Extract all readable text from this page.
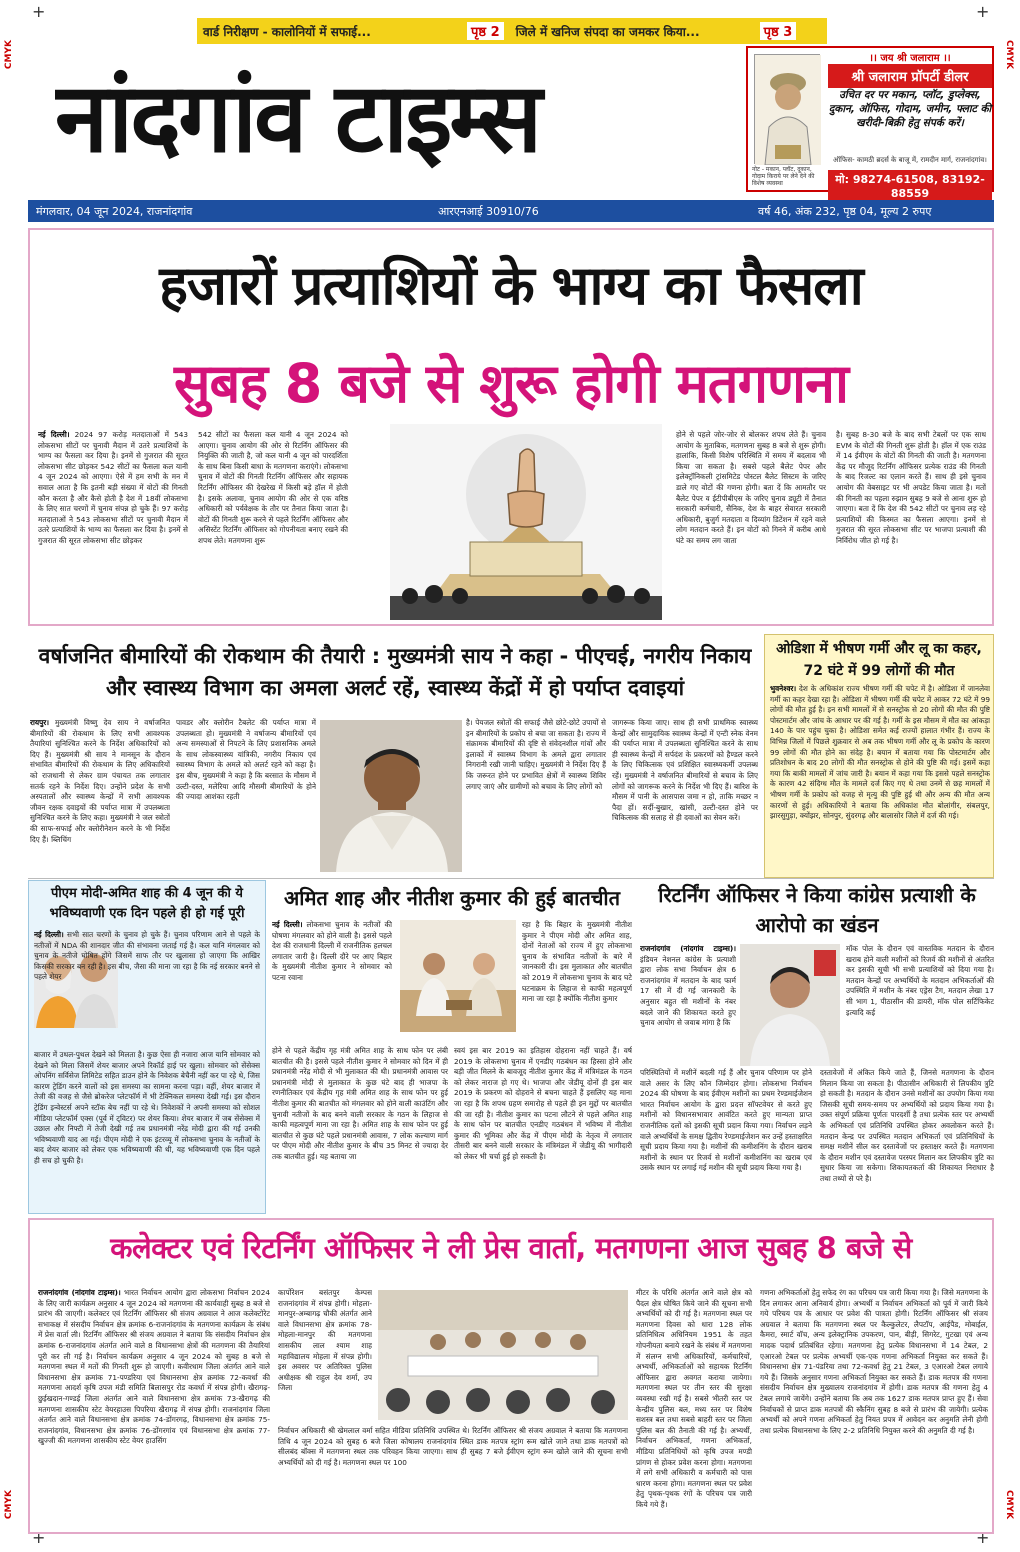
+	+
+	+
CMYK	CMYK
CMYK	CMYK
वार्ड निरीक्षण - कालोनियों में सफाई...	पृष्ठ 2	जिले में खनिज संपदा का जमकर किया...	पृष्ठ 3
नांदगांव टाइम्स	नोट - मकान, प्लॉट, दुकान, गोदाम किराये पर लेने देने की विशेष व्यवस्था
।। जय श्री जलाराम ।।
श्री जलाराम प्रॉपर्टी डीलर
उचित दर पर मकान, प्लॉट, डुप्लेक्स, दुकान, ऑफिस, गोदाम, जमीन, फ्लाट की खरीदी-बिक्री हेतु संपर्क करें।
ऑफिस- कामठी ब्रदर्स के बाजू में, रामदीन मार्ग, राजनांदगांव।
मो: 98274-61508, 83192-88559
मंगलवार, 04 जून 2024, राजनांदगांव	आरएनआई 30910/76	वर्ष 46, अंक 232, पृष्ठ 04, मूल्य 2 रुपए
हजारों प्रत्याशियों के भाग्य का फैसला
सुबह 8 बजे से शुरू होगी मतगणना
नई दिल्ली। 2024 97 करोड़ मतदाताओं में 543 लोकसभा सीटों पर चुनावी मैदान में उतरे प्रत्याशियों के भाग्य का फैसला कर दिया है। इनमें से गुजरात की सूरत लोकसभा सीट छोड़कर 542 सीटों का फैसला कल यानी 4 जून 2024 को आएगा। ऐसे में हम सभी के मन में सवाल आता है कि इतनी बड़ी संख्या में वोटों की गिनती कौन करता है और कैसे होती है देश में 18वीं लोकसभा के लिए सात चरणों में चुनाव संपन्न हो चुके हैं। 97 करोड़ मतदाताओं ने 543 लोकसभा सीटों पर चुनावी मैदान में उतरे प्रत्याशियों के भाग्य का फैसला कर दिया है। इनमें से गुजरात की सूरत लोकसभा सीट छोड़कर
542 सीटों का फैसला कल यानी 4 जून 2024 को आएगा। चुनाव आयोग की ओर से रिटर्निंग ऑफिसर की नियुक्ति की जाती है, जो कल यानी 4 जून को पारदर्शिता के साथ बिना किसी बाधा के मतगणना कराएंगे। लोकसभा चुनाव में वोटों की गिनती रिटर्निंग ऑफिसर और सहायक रिटर्निंग ऑफिसर की देखरेख में किसी बड़े हॉल में होती है। इसके अलावा, चुनाव आयोग की ओर से एक वरिष्ठ अधिकारी को पर्यवेक्षक के तौर पर तैनात किया जाता है। वोटों की गिनती शुरू करने से पहले रिटर्निंग ऑफिसर और असिस्टेंट रिटर्निंग ऑफिसर को गोपनीयता बनाए रखने की शपथ लेते। मतगणना शुरू
होने से पहले जोर-जोर से बोलकर शपथ लेते हैं। चुनाव आयोग के मुताबिक, मतगणना सुबह 8 बजे से शुरू होगी। हालांकि, किसी विशेष परिस्थिति में समय में बदलाव भी किया जा सकता है। सबसे पहले बैलेट पेपर और इलेक्ट्रॉनिकली ट्रांसमिटेड पोस्टल बैलेट सिस्टम के जरिए डाले गए वोटों की गणना होगी। बता दें कि आमतौर पर बैलेट पेपर व ईटीपीबीएस के जरिए चुनाव ड्यूटी में तैनात सरकारी कर्मचारी, सैनिक, देश के बाहर सेवारत सरकारी अधिकारी, बुजुर्ग मतदाता व दिव्यांग डिटेंशन में रहने वाले लोग मतदान करते हैं। इन वोटों को गिनने में करीब आधे घंटे का समय लग जाता
है। सुबह 8-30 बजे के बाद सभी टेबलों पर एक साथ EVM के वोटों की गिनती शुरू होती है। हॉल में एक राउंड में 14 ईवीएम के वोटों की गिनती की जाती है। मतगणना केंद्र पर मौजूद रिटर्निंग ऑफिसर प्रत्येक राउंड की गिनती के बाद रिजल्ट का एलान करते हैं। साथ ही इसे चुनाव आयोग की वेबसाइट पर भी अपडेट किया जाता है। मतों की गिनती का पहला रुझान सुबह 9 बजे से आना शुरू हो जाएगा। बता दें कि देश की 542 सीटों पर चुनाव लड़ रहे प्रत्याशियों की किस्मत का फैसला आएगा। इनमें से गुजरात की सूरत लोकसभा सीट पर भाजपा प्रत्याशी की निर्विरोध जीत हो गई है।
वर्षाजनित बीमारियों की रोकथाम की तैयारी : मुख्यमंत्री साय ने कहा - पीएचई, नगरीय निकाय और स्वास्थ्य विभाग का अमला अलर्ट रहें, स्वास्थ्य केंद्रों में हो पर्याप्त दवाइयां
रायपुर। मुख्यमंत्री विष्णु देव साय ने वर्षाजनित बीमारियों की रोकथाम के लिए सभी आवश्यक तैयारियां सुनिश्चित करने के निर्देश अधिकारियों को दिए हैं। मुख्यमंत्री श्री साय ने मानसून के दौरान संभावित बीमारियों की रोकथाम के लिए अधिकारियों को राजधानी से लेकर ग्राम पंचायत तक लगातार सतर्क रहने के निर्देश दिए। उन्होंने प्रदेश के सभी अस्पतालों और स्वास्थ्य केन्द्रों में सभी आवश्यक जीवन रक्षक दवाइयों की पर्याप्त मात्रा में उपलब्धता सुनिश्चित करने के लिए कहा। मुख्यमंत्री ने जल स्त्रोतों की साफ-सफाई और क्लोरीनेशन करने के भी निर्देश दिए हैं। ब्लिचिंग
पावडर और क्लोरीन टैबलेट की पर्याप्त मात्रा में उपलब्धता हो। मुख्यमंत्री ने वर्षाजन्य बीमारियों एवं अन्य समस्याओं से निपटने के लिए प्रशासनिक अमले के साथ लोकस्वास्थ्य यांत्रिकी, नगरीय निकाय एवं स्वास्थ्य विभाग के अमले को अलर्ट रहने को कहा है। इस बीच, मुख्यमंत्री ने कहा है कि बरसात के मौसम में उल्टी-दस्त, मलेरिया आदि मौसमी बीमारियों के होने की ज्यादा आशंका रहती
है। पेयजल स्त्रोतों की सफाई जैसे छोटे-छोटे उपायों से इन बीमारियों के प्रकोप से बचा जा सकता है। राज्य में संक्रामक बीमारियों की दृष्टि से संवेदनशील गांवों और इलाकों में स्वास्थ्य विभाग के अमले द्वारा लगातार निगरानी रखी जानी चाहिए। मुख्यमंत्री ने निर्देश दिए हैं कि जरूरत होने पर प्रभावित क्षेत्रों में स्वास्थ्य शिविर लगाए जाएं और ग्रामीणों को बचाव के लिए लोगों को
जागरूक किया जाए। साथ ही सभी प्राथमिक स्वास्थ्य केन्द्रों और सामुदायिक स्वास्थ्य केन्द्रों में एन्टी स्नेक वेनम की पर्याप्त मात्रा में उपलब्धता सुनिश्चित करने के साथ ही स्वास्थ्य केन्द्रों में सर्पदंश के प्रकरणों को हैण्डल करने के लिए चिकित्सक एवं प्रशिक्षित स्वास्थ्यकर्मी उपलब्ध रहें। मुख्यमंत्री ने वर्षाजनित बीमारियों से बचाव के लिए लोगों को जागरूक करने के निर्देश भी दिए हैं। बारिश के मौसम में पानी के आसपास जमा न हो, ताकि मच्छर न पैदा हों। सर्दी-बुखार, खांसी, उल्टी-दस्त होने पर चिकित्सक की सलाह से ही दवाओं का सेवन करें।
ओडिशा में भीषण गर्मी और लू का कहर, 72 घंटे में 99 लोगों की मौत
भुवनेश्वर। देश के अधिकांश राज्य भीषण गर्मी की चपेट में है। ओडिशा में जानलेवा गर्मी का कहर देखा रहा है। ओडिशा में भीषण गर्मी की चपेट में आकर 72 घंटे में 99 लोगों की मौत हुई है। इन सभी मामलों में से सनस्ट्रोक से 20 लोगों की मौत की पुष्टि पोस्टमार्टम और जांच के आधार पर की गई है। गर्मी के इस मौसम में मौत का आंकड़ा 140 के पार पहुंच चुका है। ओडिशा समेत कई राज्यों हालात गंभीर हैं। राज्य के विभिन्न जिलों में पिछले शुक्रवार से अब तक भीषण गर्मी और लू के प्रकोप के कारण 99 लोगों की मौत होने का संदेह है। बयान में बताया गया कि पोस्टमार्टम और प्रतिशोधन के बाद 20 लोगों की मौत सनस्ट्रोक से होने की पुष्टि की गई। इसमें कहा गया कि बाकी मामलों में जांच जारी है। बयान में कहा गया कि इससे पहले सनस्ट्रोक के कारण 42 संदिग्ध मौत के मामले दर्ज किए गए थे तथा उनमें से छह मामलों में भीषण गर्मी के प्रकोप को वजह से मृत्यु की पुष्टि हुई थी और अन्य की मौत अन्य कारणों से हुई। अधिकारियों ने बताया कि अधिकांश मौत बोलांगीर, संबलपुर, झारसुगुड़ा, क्योंझर, सोनपुर, सुंदरगढ़ और बालासोर जिले में दर्ज की गई।
पीएम मोदी-अमित शाह की 4 जून की ये भविष्यवाणी एक दिन पहले ही हो गई पूरी
नई दिल्ली। सभी सात चरणों के चुनाव हो चुके हैं। चुनाव परिणाम आने से पहले के नतीजों में NDA की शानदार जीत की संभावना जताई गई है। कल यानि मंगलवार को चुनाव के नतीजे घोषित होंगे जिसमें साफ तौर पर खुलासा हो जाएगा कि आखिर किसकी सरकार बन रही है। इस बीच, जैसा की माना जा रहा है कि नई सरकार बनने से पहले शेयर
बाजार में उथल-पुथल देखने को मिलता है। कुछ ऐसा ही नजारा आज यानि सोमवार को देखने को मिला जिसमें शेयर बाजार अपने रिकॉर्ड हाई पर खुला। सोमवार को सेंसेक्स ओपनिंग सर्विसेज लिमिटेड सहित डाउन होने के निवेशक बेचैनी नहीं कर पा रहे थे, जिस कारण ट्रेडिंग करने वालों को इस समस्या का सामना करना पड़ा। वहीं, शेयर बाजार में तेजी की वजह से जैसे ब्रोकरेज प्लेटफॉर्म में भी टेक्निकल समस्या देखी गई। इस दौरान ट्रेडिंग इन्वेस्टर्स अपने स्टॉक बेच नहीं पा रहे थे। निवेशकों ने अपनी समस्या को सोशल मीडिया प्लेटफॉर्म एक्स (पूर्व में ट्विटर) पर शेयर किया। शेयर बाजार में जब सेंसेक्स में उछाल और निफ्टी में तेजी देखी गई तब प्रधानमंत्री नरेंद्र मोदी द्वारा की गई उनकी भविष्यवाणी याद आ गई। पीएम मोदी ने एक इंटरव्यू में लोकसभा चुनाव के नतीजों के बाद शेयर बाजार को लेकर एक भविष्यवाणी की थी, यह भविष्यवाणी एक दिन पहले ही सच हो चुकी है।
अमित शाह और नीतीश कुमार की हुई बातचीत
नई दिल्ली। लोकसभा चुनाव के नतीजों की घोषणा मंगलवार को होने वाली है। इससे पहले देश की राजधानी दिल्ली में राजनीतिक हलचल लगातार जारी है। दिल्ली दौरे पर आए बिहार के मुख्यमंत्री नीतीश कुमार ने सोमवार को पटना रवाना
रहा है कि बिहार के मुख्यमंत्री नीतीश कुमार ने पीएम मोदी और अमित शाह, दोनों नेताओं को राज्य में हुए लोकसभा चुनाव के संभावित नतीजों के बारे में जानकारी दी। इस मुलाकात और बातचीत को 2019 में लोकसभा चुनाव के बाद घटे घटनाक्रम के लिहाज से काफी महत्वपूर्ण माना जा रहा है क्योंकि नीतीश कुमार
होने से पहले केंद्रीय गृह मंत्री अमित शाह के साथ फोन पर लंबी बातचीत की है। इससे पहले नीतीश कुमार ने सोमवार को दिन में ही प्रधानमंत्री नरेंद्र मोदी से भी मुलाकात की थी। प्रधानमंत्री आवास पर प्रधानमंत्री मोदी से मुलाकात के कुछ घंटे बाद ही भाजपा के रणनीतिकार एवं केंद्रीय गृह मंत्री अमित शाह के साथ फोन पर हुई नीतीश कुमार की बातचीत को मंगलवार को होने वाली काउंटिंग और चुनावी नतीजों के बाद बनने वाली सरकार के गठन के लिहाज से काफी महत्वपूर्ण माना जा रहा है। अमित शाह के साथ फोन पर हुई बातचीत से कुछ घंटे पहले प्रधानमंत्री आवास, 7 लोक कल्याण मार्ग पर पीएम मोदी और नीतीश कुमार के बीच 35 मिनट से ज्यादा देर तक बातचीत हुई। यह बताया जा
स्वयं इस बार 2019 का इतिहास दोहराना नहीं चाहते हैं। वर्ष 2019 के लोकसभा चुनाव में एनडीए गठबंधन का हिस्सा होने और बड़ी जीत मिलने के बावजूद नीतीश कुमार केंद्र में मंत्रिमंडल के गठन को लेकर नाराज हो गए थे। भाजपा और जेडीयू दोनों ही इस बार 2019 के प्रकरण को दोहराने से बचना चाहते हैं इसलिए यह माना जा रहा है कि शपथ ग्रहण समारोह से पहले ही इन मुद्दों पर बातचीत की जा रही है। नीतीश कुमार का पटना लौटने से पहले अमित शाह के साथ फोन पर बातचीत एनडीए गठबंधन में भविष्य में नीतीश कुमार की भूमिका और केंद्र में पीएम मोदी के नेतृत्व में लगातार तीसरी बार बनने वाली सरकार के मंत्रिमंडल में जेडीयू की भागीदारी को लेकर भी चर्चा हुई हो सकती है।
रिटर्निंग ऑफिसर ने किया कांग्रेस प्रत्याशी के आरोपो का खंडन
राजनांदगांव (नांदगांव टाइम्स)। इंडियन नेशनल कांग्रेस के प्रत्याशी द्वारा लोक सभा निर्वाचन क्षेत्र 6 राजनांदगांव में मतदान के बाद फार्म 17 सी में दी गई जानकारी के अनुसार बहुत सी मशीनों के नंबर बदले जाने की शिकायत करते हुए चुनाव आयोग से जवाब मांगा है कि
मॉक पोल के दौरान एवं वास्तविक मतदान के दौरान खराब होने वाली मशीनों को रिजर्व की मशीनों से अंतरित कर इसकी सूची भी सभी प्रत्याशियों को दिया गया है। मतदान केन्द्रों पर अभ्यर्थियों के मतदान अभिकर्ताओं की उपस्थिति में मशीन के नंबर एड्रेस टैग, मतदान लेखा 17 सी भाग 1, पीठासीन की डायरी, मॉक पोल सर्टिफिकेट इत्यादि कई
परिस्थितियों में मशीनें बदली गई हैं और चुनाव परिणाम पर होने वाले असर के लिए कौन जिम्मेदार होगा। लोकसभा निर्वाचन 2024 की घोषणा के बाद ईवीएम मशीनों का प्रथम रेण्डमाईजेशन भारत निर्वाचन आयोग के द्वारा प्रदत्त सॉफ्टवेयर से करते हुए मशीनों को विधानसभावार आवंटित करते हुए मान्यता प्राप्त राजनीतिक दलों को इसकी सूची प्रदान किया गया। निर्वाचन लड़ने वाले अभ्यर्थियों के समक्ष द्वितीय रेण्डमाईजेशन कर उन्हें हस्ताक्षरित सूची प्रदाय किया गया है। मशीनों की कमीशनिंग के दौरान खराब मशीनों के स्थान पर रिजर्व से मशीनों कमीशनिंग का खराब एवं उसके स्थान पर लगाई गई मशीन की सूची प्रदाय किया गया है।
दस्तावेजों में अंकित किये जाते हैं, जिनसे मतगणना के दौरान मिलान किया जा सकता है। पीठासीन अधिकारी से लिपकीय त्रुटि हो सकती है। मतदान के दौरान उनसे मशीनों का उपयोग किया गया जिसकी सूची समय-समय पर अभ्यर्थियों को प्रदाय किया गया है। उक्त संपूर्ण प्रक्रिया पूर्णतः पारदर्शी है तथा प्रत्येक स्तर पर अभ्यर्थी के अभिकर्ता एवं प्रतिनिधि उपस्थित होकर अवलोकन करते हैं। मतदान केन्द्र पर उपस्थित मतदान अभिकर्ता एवं प्रतिनिधियों के समक्ष मशीनें सील कर दस्तावेजों पर हस्ताक्षर करते हैं। मतगणना के दौरान मशीन एवं दस्तावेज परस्पर मिलान कर लिपकीय त्रुटि का सुधार किया जा सकेगा। शिकायतकर्ता की शिकायत निराधार है तथा तथ्यों से परे है।
कलेक्टर एवं रिटर्निंग ऑफिसर ने ली प्रेस वार्ता, मतगणना आज सुबह 8 बजे से
राजनांदगांव (नांदगांव टाइम्स)। भारत निर्वाचन आयोग द्वारा लोकसभा निर्वाचन 2024 के लिए जारी कार्यक्रम अनुसार 4 जून 2024 को मतगणना की कार्यवाही सुबह 8 बजे से प्रारंभ की जाएगी। कलेक्टर एवं रिटर्निंग ऑफिसर श्री संजय अग्रवाल ने आज कलेक्टोरेट सभाकक्ष में संसदीय निर्वाचन क्षेत्र क्रमांक 6-राजनांदगांव के मतगणना कार्यक्रम के संबंध में प्रेस वार्ता ली। रिटर्निंग ऑफिसर श्री संजय अग्रवाल ने बताया कि संसदीय निर्वाचन क्षेत्र क्रमांक 6-राजनांदगांव अंतर्गत आने वाले 8 विधानसभा क्षेत्रों की मतगणना की तैयारियां पूरी कर ली गई है। निर्वाचन कार्यक्रम अनुसार 4 जून 2024 को सुबह 8 बजे से मतगणना स्थल में मतों की गिनती शुरू हो जाएगी। कवीरधाम जिला अंतर्गत आने वाले विधानसभा क्षेत्र क्रमांक 71-पण्डरिया एवं विधानसभा क्षेत्र क्रमांक 72-कवर्धा की मतगणना आदर्श कृषि उपज मंडी समिति बिलासपुर रोड कवर्धा में संपन्न होगी। खैरागढ़-छुईखदान-गण्डई जिला अंतर्गत आने वाले विधानसभा क्षेत्र क्रमांक 73-खैरागढ़ की मतगणना शासकीय स्टेट वेयरहाउस पिपरिया खैरागढ़ में संपन्न होगी। राजनांदगांव जिला अंतर्गत आने वाले विधानसभा क्षेत्र क्रमांक 74-डोंगरगढ़, विधानसभा क्षेत्र क्रमांक 75-राजनांदगांव, विधानसभा क्षेत्र क्रमांक 76-डोंगरगांव एवं विधानसभा क्षेत्र क्रमांक 77-खुज्जी की मतगणना शासकीय स्टेट वेयर हाउसिंग
कार्पोरेशन बसंतपुर केम्पस राजनांदगांव में संपन्न होगी। मोहला-मानपुर-अम्बागढ़ चौकी अंतर्गत आने वाले विधानसभा क्षेत्र क्रमांक 78-मोहला-मानपुर की मतगणना शासकीय लाल श्याम शाह महाविद्यालय मोहला में संपन्न होगी। इस अवसर पर अतिरिक्त पुलिस अधीक्षक श्री राहुल देव शर्मा, उप जिला
निर्वाचन अधिकारी श्री खेमलाल वर्मा सहित मीडिया प्रतिनिधि उपस्थित थे। रिटर्निंग ऑफिसर श्री संजय अग्रवाल ने बताया कि मतगणना तिथि 4 जून 2024 को सुबह 6 बजे जिला कोषालय राजनांदगांव स्थित डाक मतपत्र स्ट्रांग रूम खोले जाने तथा डाक मतपत्रों को सीलबंद बॉक्स में मतगणना स्थल तक परिवहन किया जाएगा। साथ ही सुबह 7 बजे ईवीएम स्ट्रांग रूम खोले जाने की सूचना सभी अभ्यर्थियों को दी गई है। मतगणना स्थल पर 100
मीटर के परिधि अंतर्गत आने वाले क्षेत्र को पैदल क्षेत्र घोषित किये जाने की सूचना सभी अभ्यर्थियों को दी गई है। मतगणना स्थल पर मतगणना दिवस को धारा 128 लोक प्रतिनिधित्व अधिनियम 1951 के तहत गोपनीयता बनाये रखने के संबंध में मतगणना में संलग्न सभी अधिकारियों, कर्मचारियों, अभ्यर्थी, अभिकर्ताओं को सहायक रिटर्निंग ऑफिसर द्वारा अवगत कराया जायेगा। मतगणना स्थल पर तीन स्तर की सुरक्षा व्यवस्था रखी गई है। सबसे भीतरी स्तर पर केन्द्रीय पुलिस बल, मध्य स्तर पर विशेष सशस्त्र बल तथा सबसे बाहरी स्तर पर जिला पुलिस बल की तैनाती की गई है। अभ्यर्थी, निर्वाचन अभिकर्ता, गणना अभिकर्ता, मीडिया प्रतिनिधियों को कृषि उपज मण्डी प्रांगण से होकर प्रवेश करना होगा। मतगणना में लगे सभी अधिकारी व कर्मचारी को पास धारण करना होगा। मतगणना स्थल पर प्रवेश हेतु पृथक-पृथक रंगों के परिचय पत्र जारी किये गये हैं।
गणना अभिकर्ताओं हेतु सफेद रंग का परिचय पत्र जारी किया गया है। जिसे मतगणना के दिन लगाकर आना अनिवार्य होगा। अभ्यर्थी व निर्वाचन अभिकर्ता को पूर्व में जारी किये गये परिचय पत्र के आधार पर प्रवेश की पात्रता होगी। रिटर्निंग ऑफिसर श्री संजय अग्रवाल ने बताया कि मतगणना स्थल पर कैल्कुलेटर, लैपटॉप, आईपैड, मोबाईल, कैमरा, स्मार्ट वॉच, अन्य इलेक्ट्रानिक उपकरण, पान, बीड़ी, सिगरेट, गुटखा एवं अन्य मादक पदार्थ प्रतिबंधित रहेगा। मतगणना हेतु प्रत्येक विधानसभा में 14 टेबल, 2 एआरओ टेबल पर प्रत्येक अभ्यर्थी एक-एक गणना अभिकर्ता नियुक्त कर सकते हैं। विधानसभा क्षेत्र 71-पंडरिया तथा 72-कवर्धा हेतु 21 टेबल, 3 एआरओ टेबल लगाये गये हैं। जिसके अनुसार गणना अभिकर्ता नियुक्त कर सकते हैं। डाक मतपत्र की गणना संसदीय निर्वाचन क्षेत्र मुख्यालय राजनांदगांव में होगी। डाक मतपत्र की गणना हेतु 4 टेबल लगाये जायेंगे। उन्होंने बताया कि अब तक 1627 डाक मतपत्र प्राप्त हुए हैं। सेवा निर्वाचकों से प्राप्त डाक मतपत्रों की स्कैनिंग सुबह 8 बजे से प्रारंभ की जायेगी। प्रत्येक अभ्यर्थी को अपने गणना अभिकर्ता हेतु नियत प्रपत्र में आवेदन कर अनुमति लेनी होगी तथा प्रत्येक विधानसभा के लिए 2-2 प्रतिनिधि नियुक्त करने की अनुमति दी गई है।
